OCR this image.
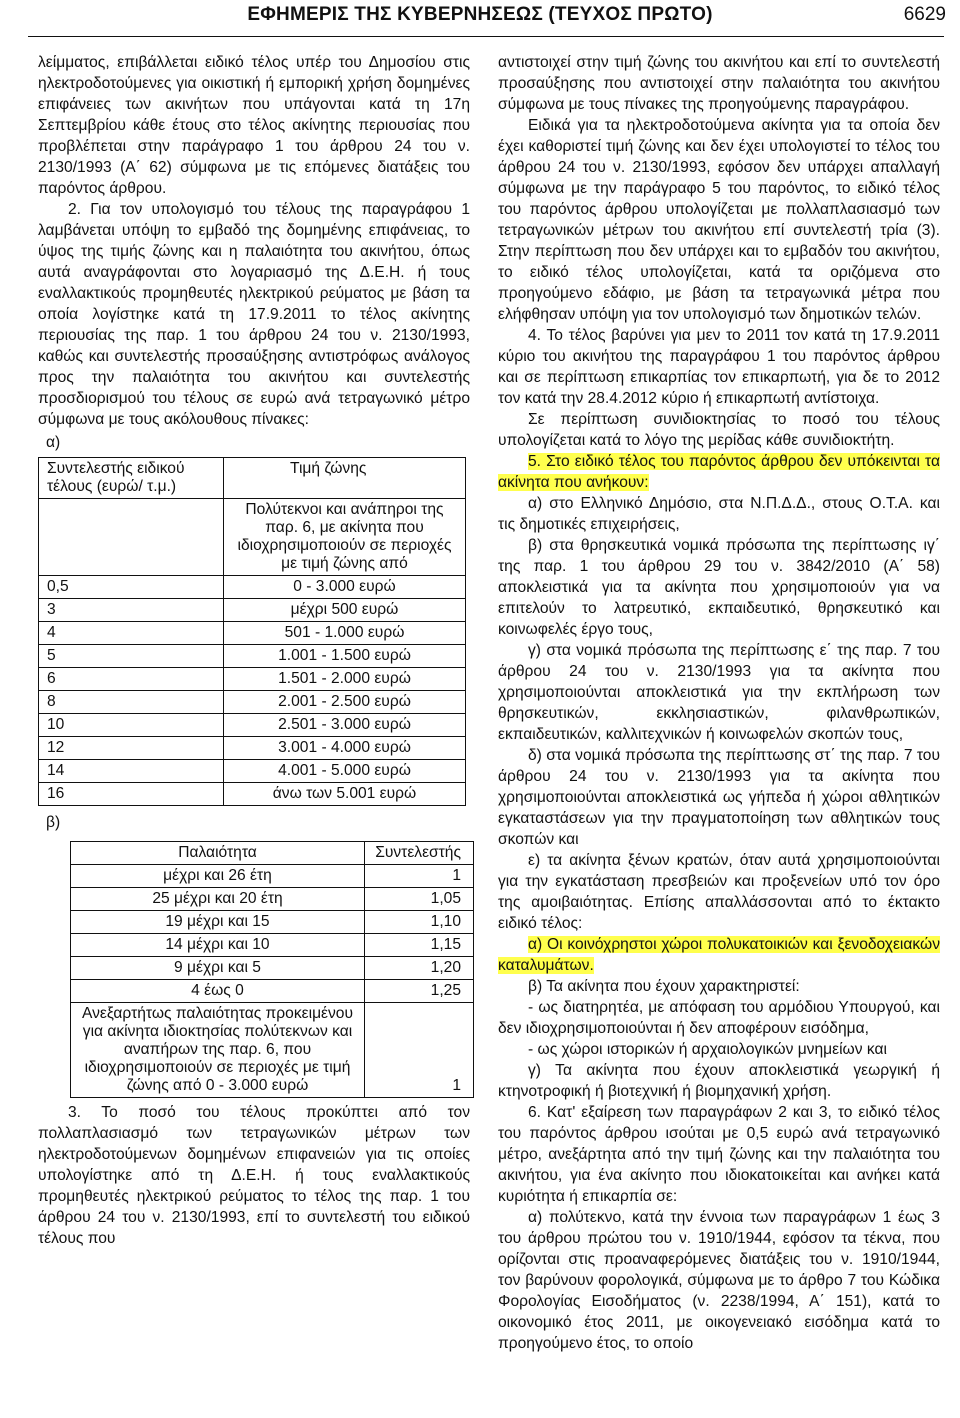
ΕΦΗΜΕΡΙΣ ΤΗΣ ΚΥΒΕΡΝΗΣΕΩΣ (ΤΕΥΧΟΣ ΠΡΩΤΟ)	6629

λείμματος, επιβάλλεται ειδικό τέλος υπέρ του Δημοσίου στις ηλεκτροδοτούμενες για οικιστική ή εμπορική χρήση δομημένες επιφάνειες των ακινήτων που υπάγονται κατά τη 17η Σεπτεμβρίου κάθε έτους στο τέλος ακίνητης περιουσίας που προβλέπεται στην παράγραφο 1 του άρθρου 24 του ν. 2130/1993 (Α΄ 62) σύμφωνα με τις επόμενες διατάξεις του παρόντος άρθρου.

2. Για τον υπολογισμό του τέλους της παραγράφου 1 λαμβάνεται υπόψη το εμβαδό της δομημένης επιφάνειας, το ύψος της τιμής ζώνης και η παλαιότητα του ακινήτου, όπως αυτά αναγράφονται στο λογαριασμό της Δ.Ε.Η. ή τους εναλλακτικούς προμηθευτές ηλεκτρικού ρεύματος με βάση τα οποία λογίστηκε κατά τη 17.9.2011 το τέλος ακίνητης περιουσίας της παρ. 1 του άρθρου 24 του ν. 2130/1993, καθώς και συντελεστής προσαύξησης αντιστρόφως ανάλογος προς την παλαιότητα του ακινήτου και συντελεστής προσδιορισμού του τέλους σε ευρώ ανά τετραγωνικό μέτρο σύμφωνα με τους ακόλουθους πίνακες:

α)
Συντελεστής ειδικού τέλους (ευρώ/ τ.μ.)	Τιμή ζώνης
	Πολύτεκνοι και ανάπηροι της παρ. 6, με ακίνητα που ιδιοχρησιμοποιούν σε περιοχές με τιμή ζώνης από
0,5	0 - 3.000 ευρώ
3	μέχρι 500 ευρώ
4	501 - 1.000 ευρώ
5	1.001 - 1.500 ευρώ
6	1.501 - 2.000 ευρώ
8	2.001 - 2.500 ευρώ
10	2.501 - 3.000 ευρώ
12	3.001 - 4.000 ευρώ
14	4.001 - 5.000 ευρώ
16	άνω των 5.001 ευρώ
β)
Παλαιότητα	Συντελεστής
μέχρι και 26 έτη	1
25 μέχρι και 20 έτη	1,05
19 μέχρι και 15	1,10
14 μέχρι και 10	1,15
9 μέχρι και 5	1,20
4 έως 0	1,25
Ανεξαρτήτως παλαιότητας προκειμένου για ακίνητα ιδιοκτησίας πολύτεκνων και αναπήρων της παρ. 6, που ιδιοχρησιμοποιούν σε περιοχές με τιμή ζώνης από 0 - 3.000 ευρώ	1

3. Το ποσό του τέλους προκύπτει από τον πολλαπλασιασμό των τετραγωνικών μέτρων των ηλεκτροδοτούμενων δομημένων επιφανειών για τις οποίες υπολογίστηκε από τη Δ.Ε.Η. ή τους εναλλακτικούς προμηθευτές ηλεκτρικού ρεύματος το τέλος της παρ. 1 του άρθρου 24 του ν. 2130/1993, επί το συντελεστή του ειδικού τέλους που

αντιστοιχεί στην τιμή ζώνης του ακινήτου και επί το συντελεστή προσαύξησης που αντιστοιχεί στην παλαιότητα του ακινήτου σύμφωνα με τους πίνακες της προηγούμενης παραγράφου.

Ειδικά για τα ηλεκτροδοτούμενα ακίνητα για τα οποία δεν έχει καθοριστεί τιμή ζώνης και δεν έχει υπολογιστεί το τέλος του άρθρου 24 του ν. 2130/1993, εφόσον δεν υπάρχει απαλλαγή σύμφωνα με την παράγραφο 5 του παρόντος, το ειδικό τέλος του παρόντος άρθρου υπολογίζεται με πολλαπλασιασμό των τετραγωνικών μέτρων του ακινήτου επί συντελεστή τρία (3). Στην περίπτωση που δεν υπάρχει και το εμβαδόν του ακινήτου, το ειδικό τέλος υπολογίζεται, κατά τα οριζόμενα στο προηγούμενο εδάφιο, με βάση τα τετραγωνικά μέτρα που ελήφθησαν υπόψη για τον υπολογισμό των δημοτικών τελών.

4. Το τέλος βαρύνει για μεν το 2011 τον κατά τη 17.9.2011 κύριο του ακινήτου της παραγράφου 1 του παρόντος άρθρου και σε περίπτωση επικαρπίας τον επικαρπωτή, για δε το 2012 τον κατά την 28.4.2012 κύριο ή επικαρπωτή αντίστοιχα.

Σε περίπτωση συνιδιοκτησίας το ποσό του τέλους υπολογίζεται κατά το λόγο της μερίδας κάθε συνιδιοκτήτη.

5. Στο ειδικό τέλος του παρόντος άρθρου δεν υπόκεινται τα ακίνητα που ανήκουν:

α) στο Ελληνικό Δημόσιο, στα Ν.Π.Δ.Δ., στους Ο.Τ.Α. και τις δημοτικές επιχειρήσεις,

β) στα θρησκευτικά νομικά πρόσωπα της περίπτωσης ιγ΄ της παρ. 1 του άρθρου 29 του ν. 3842/2010 (Α΄ 58) αποκλειστικά για τα ακίνητα που χρησιμοποιούν για να επιτελούν το λατρευτικό, εκπαιδευτικό, θρησκευτικό και κοινωφελές έργο τους,

γ) στα νομικά πρόσωπα της περίπτωσης ε΄ της παρ. 7 του άρθρου 24 του ν. 2130/1993 για τα ακίνητα που χρησιμοποιούνται αποκλειστικά για την εκπλήρωση των θρησκευτικών, εκκλησιαστικών, φιλανθρωπικών, εκπαιδευτικών, καλλιτεχνικών ή κοινωφελών σκοπών τους,

δ) στα νομικά πρόσωπα της περίπτωσης στ΄ της παρ. 7 του άρθρου 24 του ν. 2130/1993 για τα ακίνητα που χρησιμοποιούνται αποκλειστικά ως γήπεδα ή χώροι αθλητικών εγκαταστάσεων για την πραγματοποίηση των αθλητικών τους σκοπών και

ε) τα ακίνητα ξένων κρατών, όταν αυτά χρησιμοποιούνται για την εγκατάσταση πρεσβειών και προξενείων υπό τον όρο της αμοιβαιότητας. Επίσης απαλλάσσονται από το έκτακτο ειδικό τέλος:

α) Οι κοινόχρηστοι χώροι πολυκατοικιών και ξενοδοχειακών καταλυμάτων.

β) Τα ακίνητα που έχουν χαρακτηριστεί:

- ως διατηρητέα, με απόφαση του αρμόδιου Υπουργού, και δεν ιδιοχρησιμοποιούνται ή δεν αποφέρουν εισόδημα,

- ως χώροι ιστορικών ή αρχαιολογικών μνημείων και

γ) Τα ακίνητα που έχουν αποκλειστικά γεωργική ή κτηνοτροφική ή βιοτεχνική ή βιομηχανική χρήση.

6. Κατ' εξαίρεση των παραγράφων 2 και 3, το ειδικό τέλος του παρόντος άρθρου ισούται με 0,5 ευρώ ανά τετραγωνικό μέτρο, ανεξάρτητα από την τιμή ζώνης και την παλαιότητα του ακινήτου, για ένα ακίνητο που ιδιοκατοικείται και ανήκει κατά κυριότητα ή επικαρπία σε:

α) πολύτεκνο, κατά την έννοια των παραγράφων 1 έως 3 του άρθρου πρώτου του ν. 1910/1944, εφόσον τα τέκνα, που ορίζονται στις προαναφερόμενες διατάξεις του ν. 1910/1944, τον βαρύνουν φορολογικά, σύμφωνα με το άρθρο 7 του Κώδικα Φορολογίας Εισοδήματος (ν. 2238/1994, Α΄ 151), κατά το οικονομικό έτος 2011, με οικογενειακό εισόδημα κατά το προηγούμενο έτος, το οποίο
